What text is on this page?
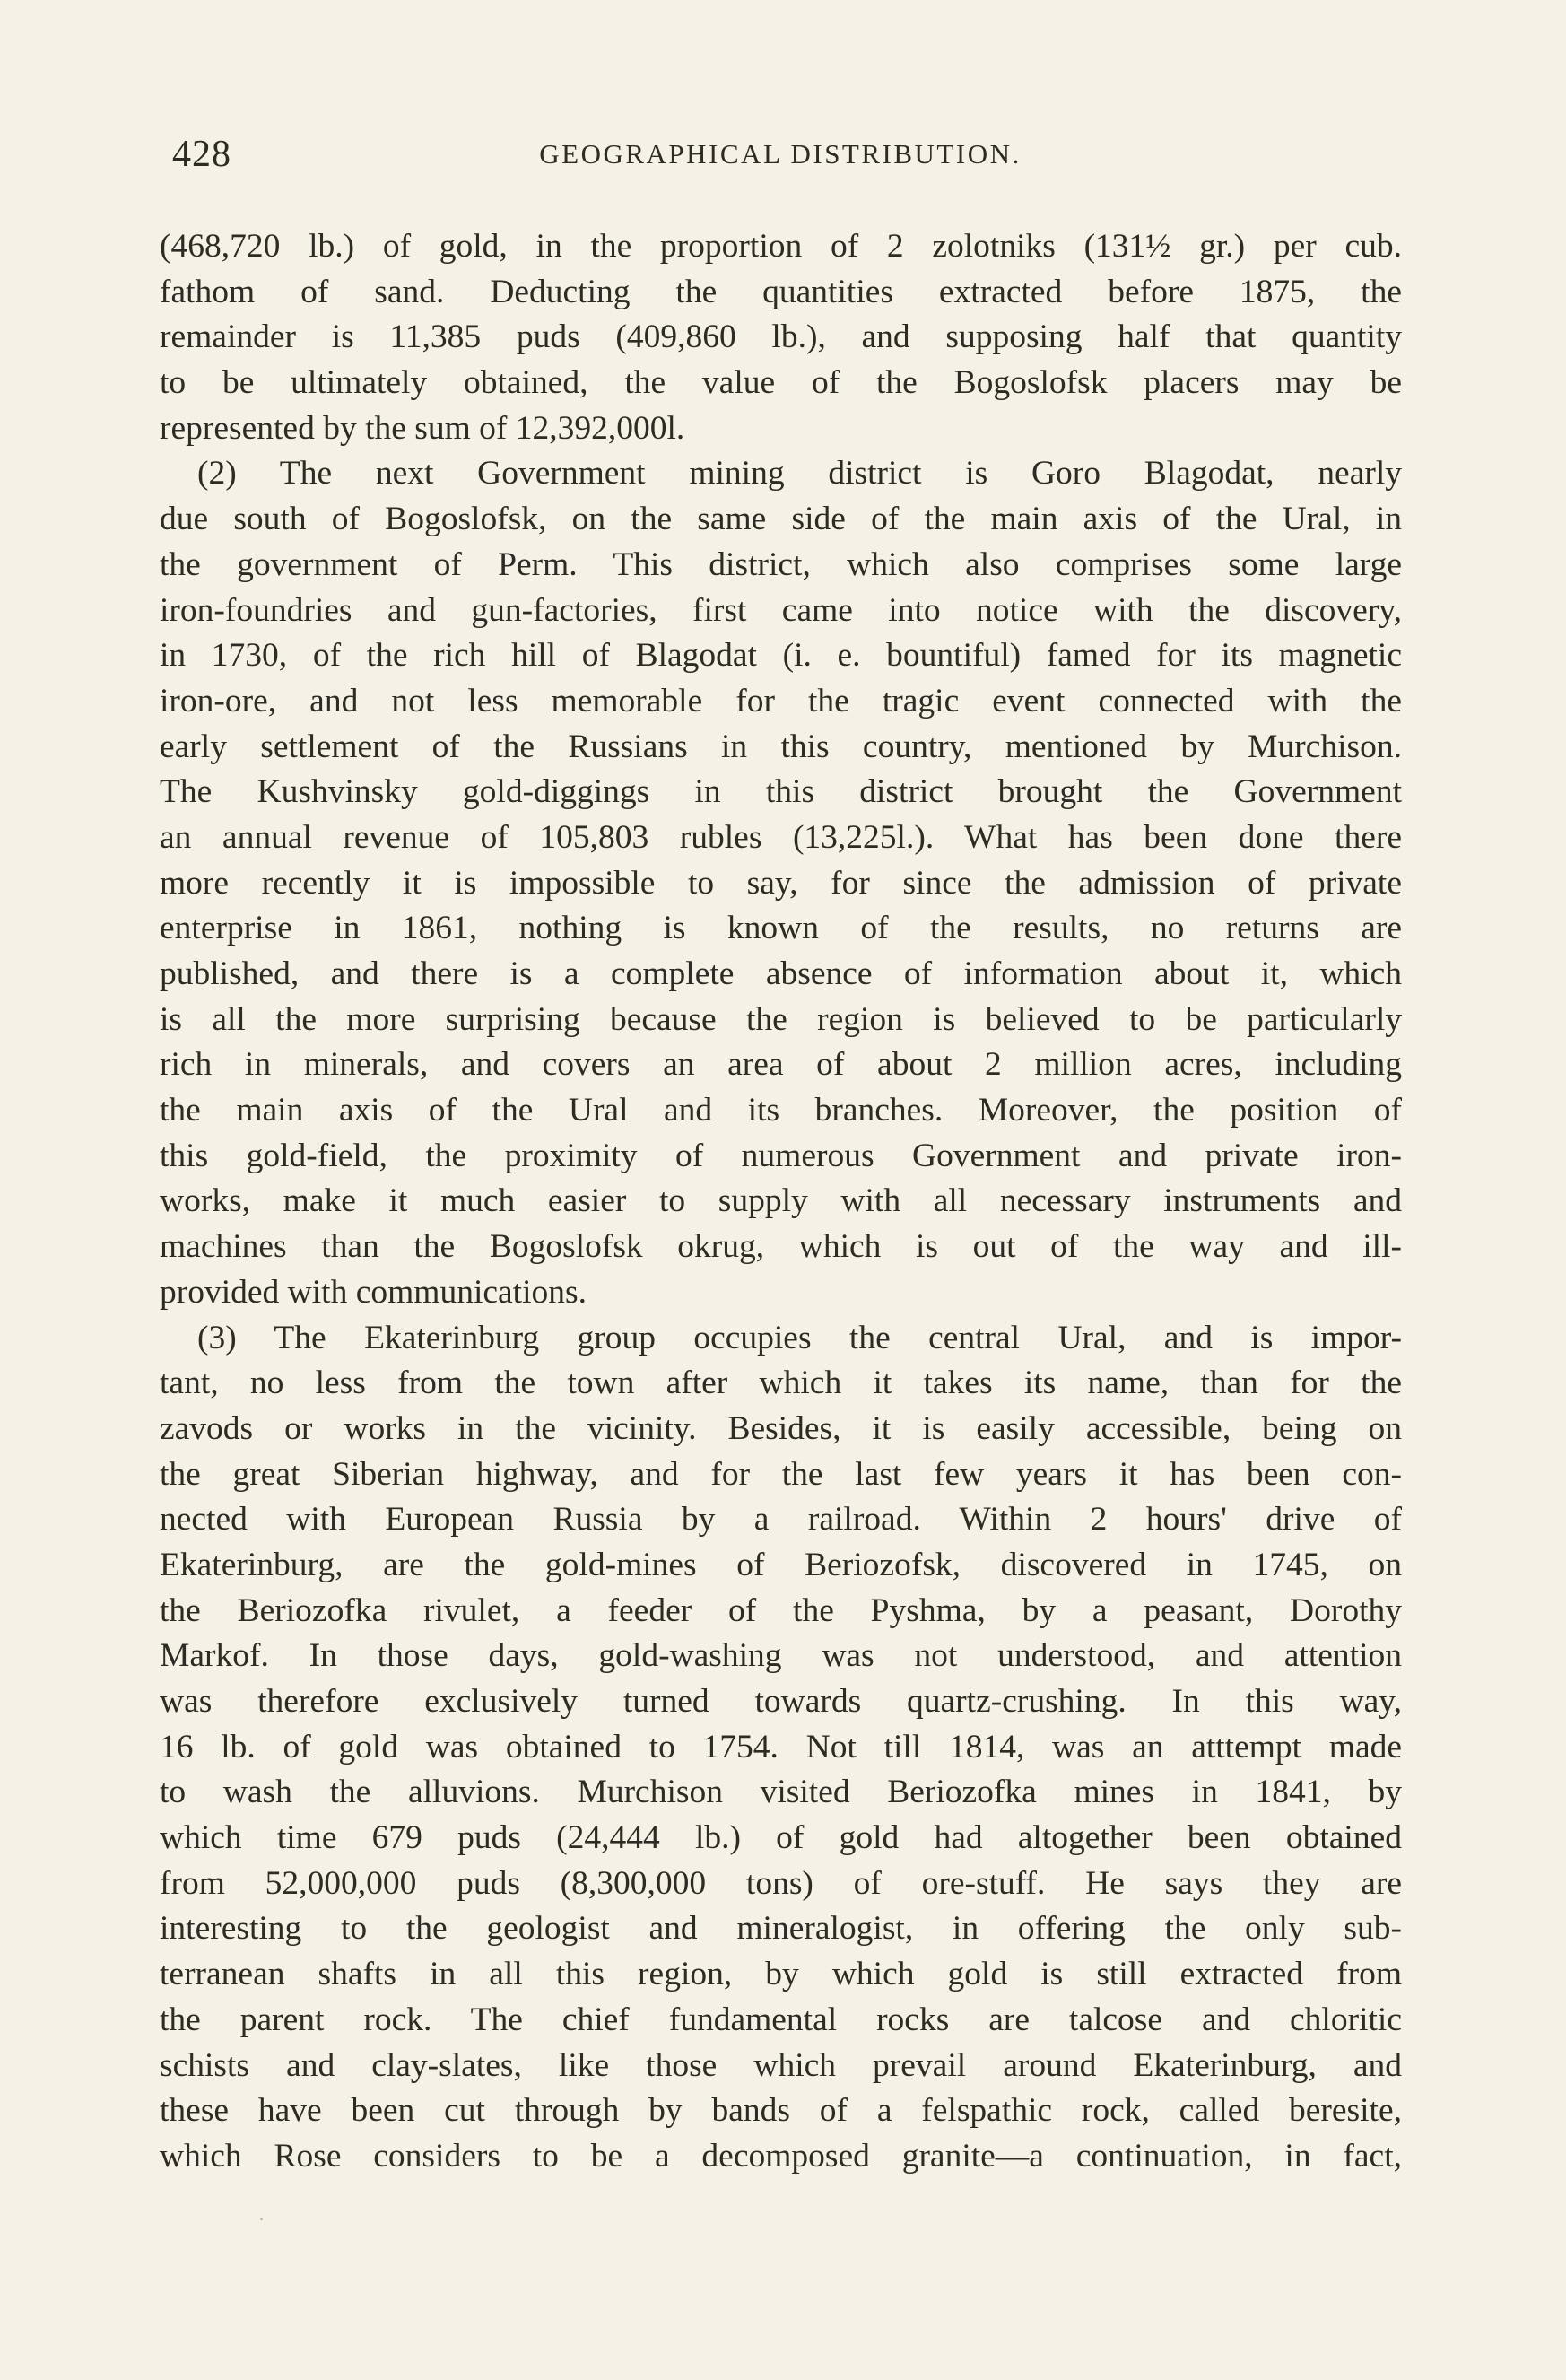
428	GEOGRAPHICAL DISTRIBUTION.
(468,720 lb.) of gold, in the proportion of 2 zolotniks (131½ gr.) per cub.
fathom of sand. Deducting the quantities extracted before 1875, the
remainder is 11,385 puds (409,860 lb.), and supposing half that quantity
to be ultimately obtained, the value of the Bogoslofsk placers may be
represented by the sum of 12,392,000l.
(2) The next Government mining district is Goro Blagodat, nearly
due south of Bogoslofsk, on the same side of the main axis of the Ural, in
the government of Perm. This district, which also comprises some large
iron-foundries and gun-factories, first came into notice with the discovery,
in 1730, of the rich hill of Blagodat (i. e. bountiful) famed for its magnetic
iron-ore, and not less memorable for the tragic event connected with the
early settlement of the Russians in this country, mentioned by Murchison.
The Kushvinsky gold-diggings in this district brought the Government
an annual revenue of 105,803 rubles (13,225l.). What has been done there
more recently it is impossible to say, for since the admission of private
enterprise in 1861, nothing is known of the results, no returns are
published, and there is a complete absence of information about it, which
is all the more surprising because the region is believed to be particularly
rich in minerals, and covers an area of about 2 million acres, including
the main axis of the Ural and its branches. Moreover, the position of
this gold-field, the proximity of numerous Government and private iron-
works, make it much easier to supply with all necessary instruments and
machines than the Bogoslofsk okrug, which is out of the way and ill-
provided with communications.
(3) The Ekaterinburg group occupies the central Ural, and is impor-
tant, no less from the town after which it takes its name, than for the
zavods or works in the vicinity. Besides, it is easily accessible, being on
the great Siberian highway, and for the last few years it has been con-
nected with European Russia by a railroad. Within 2 hours' drive of
Ekaterinburg, are the gold-mines of Beriozofsk, discovered in 1745, on
the Beriozofka rivulet, a feeder of the Pyshma, by a peasant, Dorothy
Markof. In those days, gold-washing was not understood, and attention
was therefore exclusively turned towards quartz-crushing. In this way,
16 lb. of gold was obtained to 1754. Not till 1814, was an atttempt made
to wash the alluvions. Murchison visited Beriozofka mines in 1841, by
which time 679 puds (24,444 lb.) of gold had altogether been obtained
from 52,000,000 puds (8,300,000 tons) of ore-stuff. He says they are
interesting to the geologist and mineralogist, in offering the only sub-
terranean shafts in all this region, by which gold is still extracted from
the parent rock. The chief fundamental rocks are talcose and chloritic
schists and clay-slates, like those which prevail around Ekaterinburg, and
these have been cut through by bands of a felspathic rock, called beresite,
which Rose considers to be a decomposed granite—a continuation, in fact,
